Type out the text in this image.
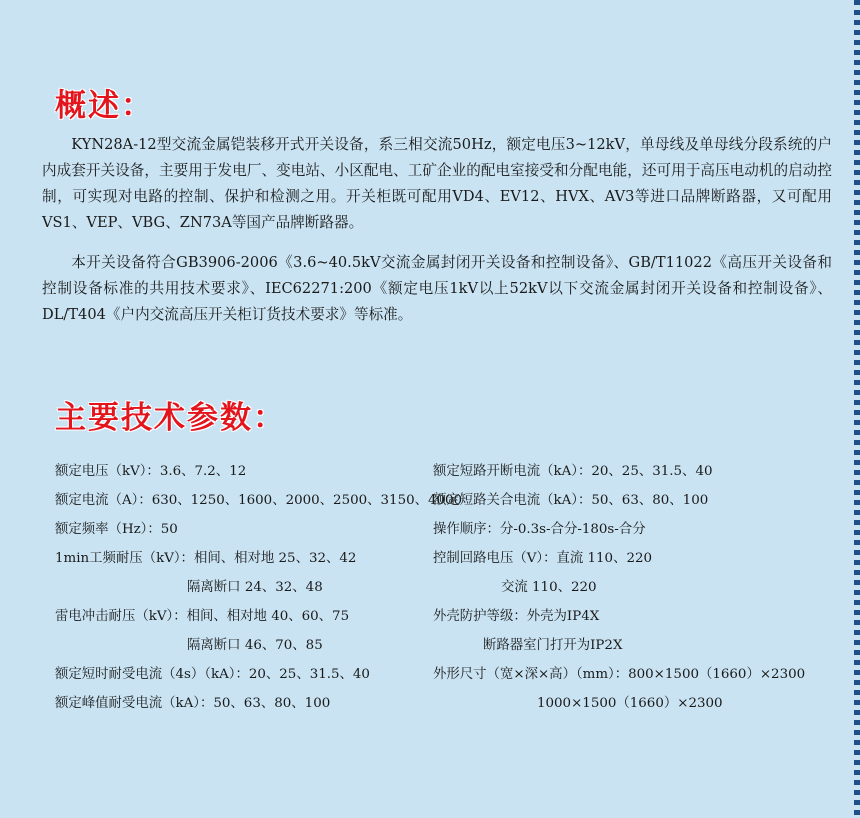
概述：

KYN28A-12型交流金属铠装移开式开关设备，系三相交流50Hz，额定电压3~12kV，单母线及单母线分段系统的户内成套开关设备，主要用于发电厂、变电站、小区配电、工矿企业的配电室接受和分配电能，还可用于高压电动机的启动控制，可实现对电路的控制、保护和检测之用。开关柜既可配用VD4、EV12、HVX、AV3等进口品牌断路器，又可配用VS1、VEP、VBG、ZN73A等国产品牌断路器。

本开关设备符合GB3906-2006《3.6~40.5kV交流金属封闭开关设备和控制设备》、GB/T11022《高压开关设备和控制设备标准的共用技术要求》、IEC62271:200《额定电压1kV以上52kV以下交流金属封闭开关设备和控制设备》、DL/T404《户内交流高压开关柜订货技术要求》等标准。

主要技术参数：
额定电压（kV）：3.6、7.2、12
额定电流（A）：630、1250、1600、2000、2500、3150、4000
额定频率（Hz）：50
1min工频耐压（kV）：相间、相对地 25、32、42
隔离断口 24、32、48
雷电冲击耐压（kV）：相间、相对地 40、60、75
隔离断口 46、70、85
额定短时耐受电流（4s）（kA）：20、25、31.5、40
额定峰值耐受电流（kA）：50、63、80、100
额定短路开断电流（kA）：20、25、31.5、40
额定短路关合电流（kA）：50、63、80、100
操作顺序：分-0.3s-合分-180s-合分
控制回路电压（V）：直流 110、220
交流 110、220
外壳防护等级：外壳为IP4X
断路器室门打开为IP2X
外形尺寸（宽×深×高）（mm）：800×1500（1660）×2300
1000×1500（1660）×2300
